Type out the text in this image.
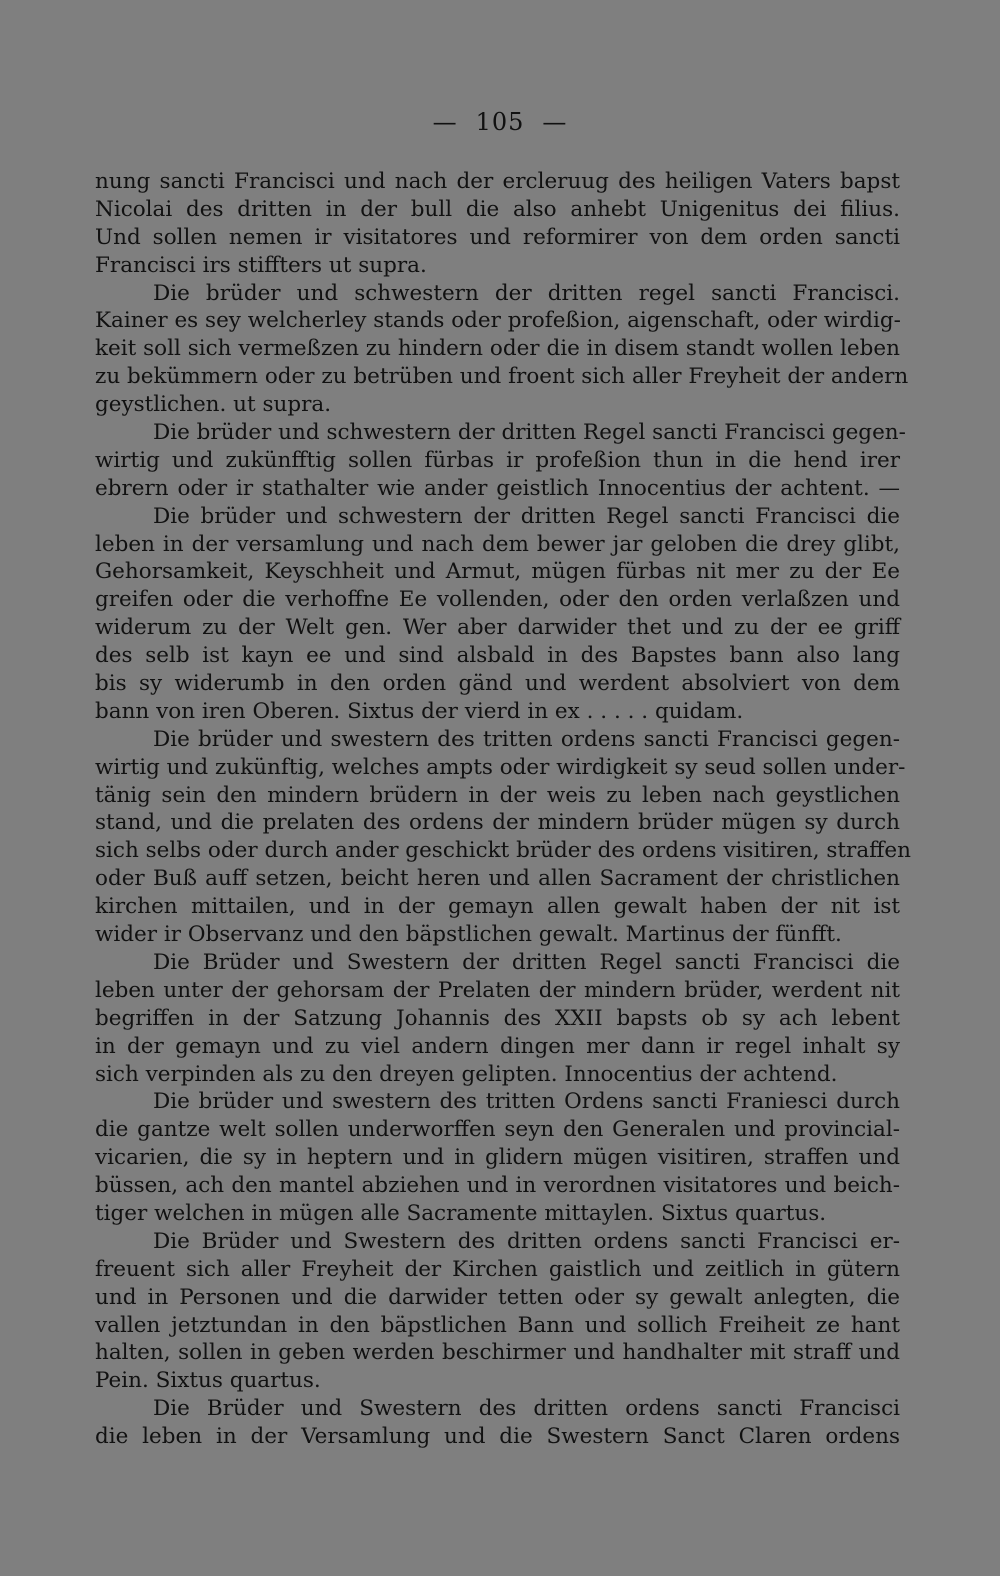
— 105 —
nung sancti Francisci und nach der ercleruug des heiligen Vaters bapst
Nicolai des dritten in der bull die also anhebt Unigenitus dei filius.
Und sollen nemen ir visitatores und reformirer von dem orden sancti
Francisci irs stiffters ut supra.
Die brüder und schwestern der dritten regel sancti Francisci.
Kainer es sey welcherley stands oder profeßion, aigenschaft, oder wirdig-
keit soll sich vermeßzen zu hindern oder die in disem standt wollen leben
zu bekümmern oder zu betrüben und froent sich aller Freyheit der andern
geystlichen. ut supra.
Die brüder und schwestern der dritten Regel sancti Francisci gegen-
wirtig und zukünfftig sollen fürbas ir profeßion thun in die hend irer
ebrern oder ir stathalter wie ander geistlich Innocentius der achtent. —
Die brüder und schwestern der dritten Regel sancti Francisci die
leben in der versamlung und nach dem bewer jar geloben die drey glibt,
Gehorsamkeit, Keyschheit und Armut, mügen fürbas nit mer zu der Ee
greifen oder die verhoffne Ee vollenden, oder den orden verlaßzen und
widerum zu der Welt gen. Wer aber darwider thet und zu der ee griff
des selb ist kayn ee und sind alsbald in des Bapstes bann also lang
bis sy widerumb in den orden gänd und werdent absolviert von dem
bann von iren Oberen. Sixtus der vierd in ex . . . . . quidam.
Die brüder und swestern des tritten ordens sancti Francisci gegen-
wirtig und zukünftig, welches ampts oder wirdigkeit sy seud sollen under-
tänig sein den mindern brüdern in der weis zu leben nach geystlichen
stand, und die prelaten des ordens der mindern brüder mügen sy durch
sich selbs oder durch ander geschickt brüder des ordens visitiren, straffen
oder Buß auff setzen, beicht heren und allen Sacrament der christlichen
kirchen mittailen, und in der gemayn allen gewalt haben der nit ist
wider ir Observanz und den bäpstlichen gewalt. Martinus der fünfft.
Die Brüder und Swestern der dritten Regel sancti Francisci die
leben unter der gehorsam der Prelaten der mindern brüder, werdent nit
begriffen in der Satzung Johannis des XXII bapsts ob sy ach lebent
in der gemayn und zu viel andern dingen mer dann ir regel inhalt sy
sich verpinden als zu den dreyen gelipten. Innocentius der achtend.
Die brüder und swestern des tritten Ordens sancti Franiesci durch
die gantze welt sollen underworffen seyn den Generalen und provincial-
vicarien, die sy in heptern und in glidern mügen visitiren, straffen und
büssen, ach den mantel abziehen und in verordnen visitatores und beich-
tiger welchen in mügen alle Sacramente mittaylen. Sixtus quartus.
Die Brüder und Swestern des dritten ordens sancti Francisci er-
freuent sich aller Freyheit der Kirchen gaistlich und zeitlich in gütern
und in Personen und die darwider tetten oder sy gewalt anlegten, die
vallen jetztundan in den bäpstlichen Bann und sollich Freiheit ze hant
halten, sollen in geben werden beschirmer und handhalter mit straff und
Pein. Sixtus quartus.
Die Brüder und Swestern des dritten ordens sancti Francisci
die leben in der Versamlung und die Swestern Sanct Claren ordens
